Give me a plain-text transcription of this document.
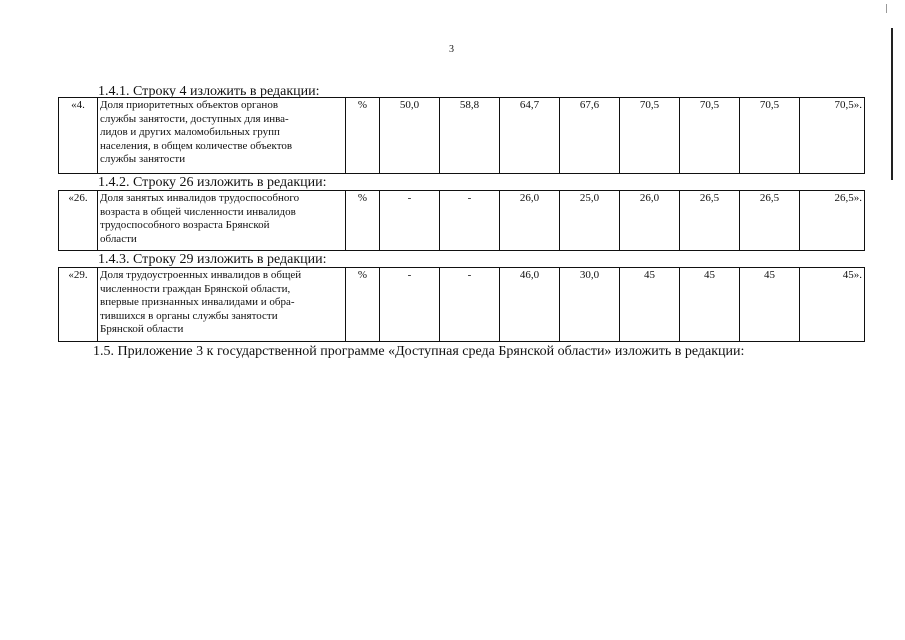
3
1.4.1. Строку 4 изложить в редакции:
«4.	Доля приоритетных объектов органов
службы занятости, доступных для инва-
лидов и других маломобильных групп
населения, в общем количестве объектов
службы занятости
	%	50,0	58,8	64,7	67,6	70,5	70,5	70,5	70,5».
1.4.2. Строку 26 изложить в редакции:
«26.	Доля занятых инвалидов трудоспособного
возраста в общей численности инвалидов
трудоспособного возраста Брянской
области
	%	-	-	26,0	25,0	26,0	26,5	26,5	26,5».
1.4.3. Строку 29 изложить в редакции:
«29.	Доля трудоустроенных инвалидов в общей
численности граждан Брянской области,
впервые признанных инвалидами и обра-
тившихся в органы службы занятости
Брянской области
	%	-	-	46,0	30,0	45	45	45	45».
1.5. Приложение 3 к государственной программе «Доступная среда Брянской области» изложить в редакции:
